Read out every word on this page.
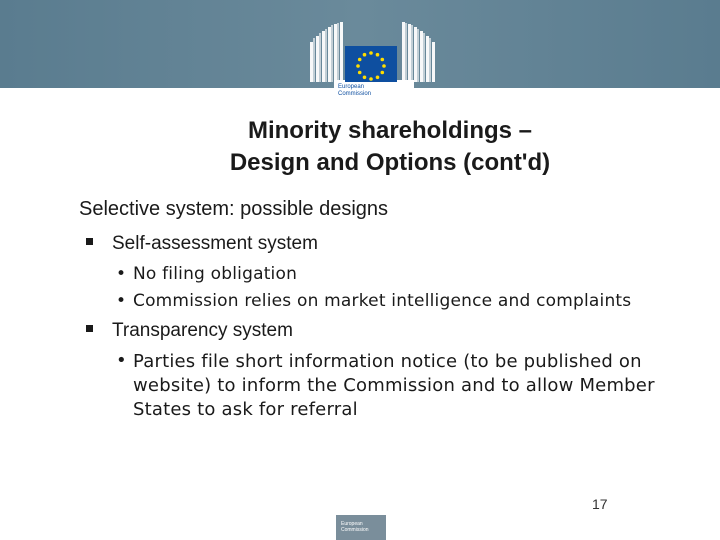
European Commission
Minority shareholdings –
Design and Options (cont'd)
Selective system: possible designs
Self-assessment system
• No filing obligation
• Commission relies on market intelligence and complaints
Transparency system
• Parties file short information notice (to be published on website) to inform the Commission and to allow Member States to ask for referral
17
European Commission
